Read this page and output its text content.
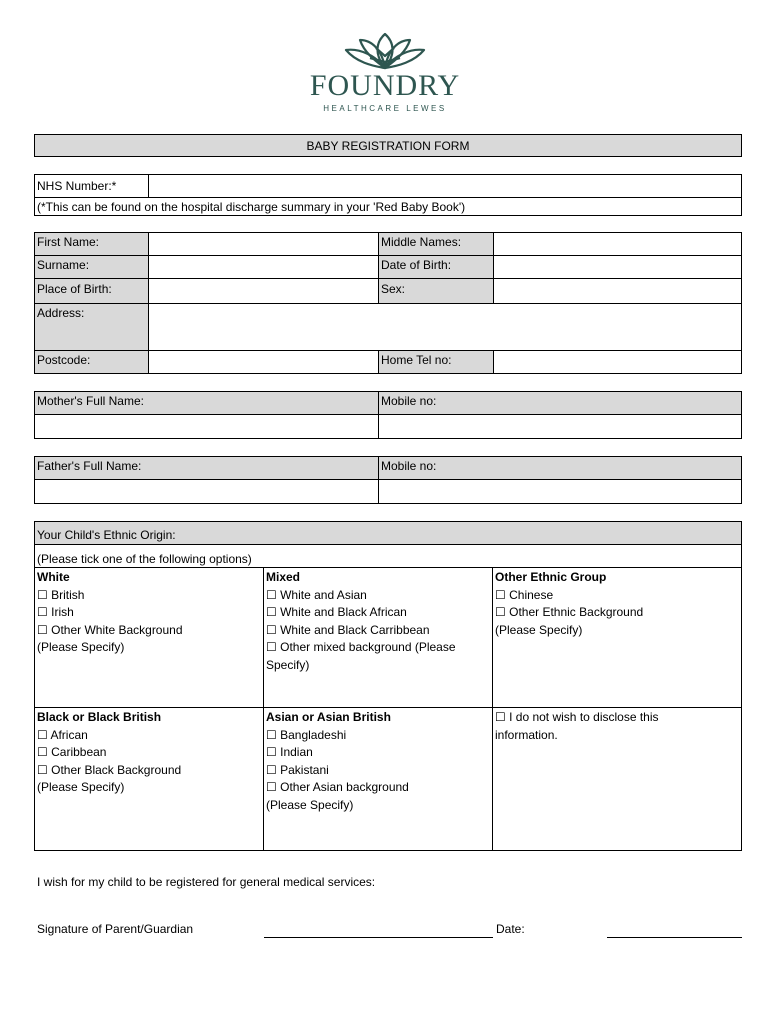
FOUNDRY
HEALTHCARE LEWES
BABY REGISTRATION FORM
NHS Number:*
(*This can be found on the hospital discharge summary in your 'Red Baby Book')
First Name:	Middle Names:
Surname:	Date of Birth:
Place of Birth:	Sex:
Address:
Postcode:	Home Tel no:
Mother's Full Name:	Mobile no:
Father's Full Name:	Mobile no:
Your Child's Ethnic Origin:
(Please tick one of the following options)
White
☐ British
☐ Irish
☐ Other White Background
(Please Specify)
Mixed
☐ White and Asian
☐ White and Black African
☐ White and Black Carribbean
☐ Other mixed background (Please
Specify)
Other Ethnic Group
☐ Chinese
☐ Other Ethnic Background
(Please Specify)
Black or Black British
☐ African
☐ Caribbean
☐ Other Black Background
(Please Specify)
Asian or Asian British
☐ Bangladeshi
☐ Indian
☐ Pakistani
☐ Other Asian background
(Please Specify)
☐ I do not wish to disclose this
information.
I wish for my child to be registered for general medical services:
Signature of Parent/Guardian	Date:
